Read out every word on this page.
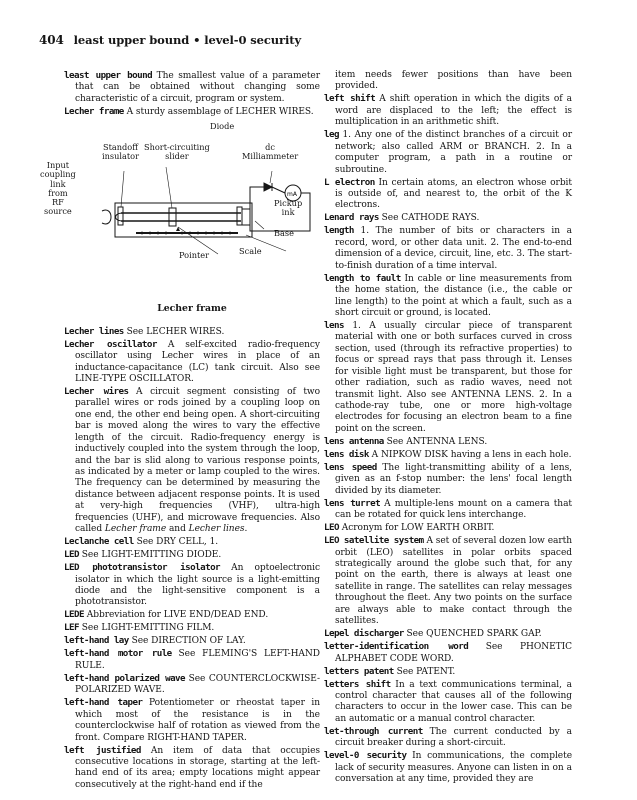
404 least upper bound • level-0 security
least upper bound The smallest value of a parameter that can be obtained without changing some characteristic of a circuit, program or system.
Lecher frame A sturdy assemblage of LECHER WIRES.
mA
Diode
Standoff
insulator
Short-circuiting
slider
dc
Milliammeter
Input
coupling
link
from
RF
source
Pickup
ink
Base
Scale
Pointer
Lecher frame
Lecher lines See LECHER WIRES.
Lecher oscillator A self-excited radio-frequency oscillator using Lecher wires in place of an inductance-capacitance (LC) tank circuit. Also see LINE-TYPE OSCILLATOR.
Lecher wires A circuit segment consisting of two parallel wires or rods joined by a coupling loop on one end, the other end being open. A short-circuiting bar is moved along the wires to vary the effective length of the circuit. Radio-frequency energy is inductively coupled into the system through the loop, and the bar is slid along to various response points, as indicated by a meter or lamp coupled to the wires. The frequency can be determined by measuring the distance between adjacent response points. It is used at very-high frequencies (VHF), ultra-high frequencies (UHF), and microwave frequencies. Also called Lecher frame and Lecher lines.
Leclanche cell See DRY CELL, 1.
LED See LIGHT-EMITTING DIODE.
LED phototransistor isolator An optoelectronic isolator in which the light source is a light-emitting diode and the light-sensitive component is a phototransistor.
LEDE Abbreviation for LIVE END/DEAD END.
LEF See LIGHT-EMITTING FILM.
left-hand lay See DIRECTION OF LAY.
left-hand motor rule See FLEMING'S LEFT-HAND RULE.
left-hand polarized wave See COUNTERCLOCKWISE-POLARIZED WAVE.
left-hand taper Potentiometer or rheostat taper in which most of the resistance is in the counterclockwise half of rotation as viewed from the front. Compare RIGHT-HAND TAPER.
left justified An item of data that occupies consecutive locations in storage, starting at the left-hand end of its area; empty locations might appear consecutively at the right-hand end if the
item needs fewer positions than have been provided.
left shift A shift operation in which the digits of a word are displaced to the left; the effect is multiplication in an arithmetic shift.
leg 1. Any one of the distinct branches of a circuit or network; also called ARM or BRANCH. 2. In a computer program, a path in a routine or subroutine.
L electron In certain atoms, an electron whose orbit is outside of, and nearest to, the orbit of the K electrons.
Lenard rays See CATHODE RAYS.
length 1. The number of bits or characters in a record, word, or other data unit. 2. The end-to-end dimension of a device, circuit, line, etc. 3. The start-to-finish duration of a time interval.
length to fault In cable or line measurements from the home station, the distance (i.e., the cable or line length) to the point at which a fault, such as a short circuit or ground, is located.
lens 1. A usually circular piece of transparent material with one or both surfaces curved in cross section, used (through its refractive properties) to focus or spread rays that pass through it. Lenses for visible light must be transparent, but those for other radiation, such as radio waves, need not transmit light. Also see ANTENNA LENS. 2. In a cathode-ray tube, one or more high-voltage electrodes for focusing an electron beam to a fine point on the screen.
lens antenna See ANTENNA LENS.
lens disk A NIPKOW DISK having a lens in each hole.
lens speed The light-transmitting ability of a lens, given as an f-stop number: the lens' focal length divided by its diameter.
lens turret A multiple-lens mount on a camera that can be rotated for quick lens interchange.
LEO Acronym for LOW EARTH ORBIT.
LEO satellite system A set of several dozen low earth orbit (LEO) satellites in polar orbits spaced strategically around the globe such that, for any point on the earth, there is always at least one satellite in range. The satellites can relay messages throughout the fleet. Any two points on the surface are always able to make contact through the satellites.
Lepel discharger See QUENCHED SPARK GAP.
letter-identification word See PHONETIC ALPHABET CODE WORD.
letters patent See PATENT.
letters shift In a text communications terminal, a control character that causes all of the following characters to occur in the lower case. This can be an automatic or a manual control character.
let-through current The current conducted by a circuit breaker during a short-circuit.
level-0 security In communications, the complete lack of security measures. Anyone can listen in on a conversation at any time, provided they are
